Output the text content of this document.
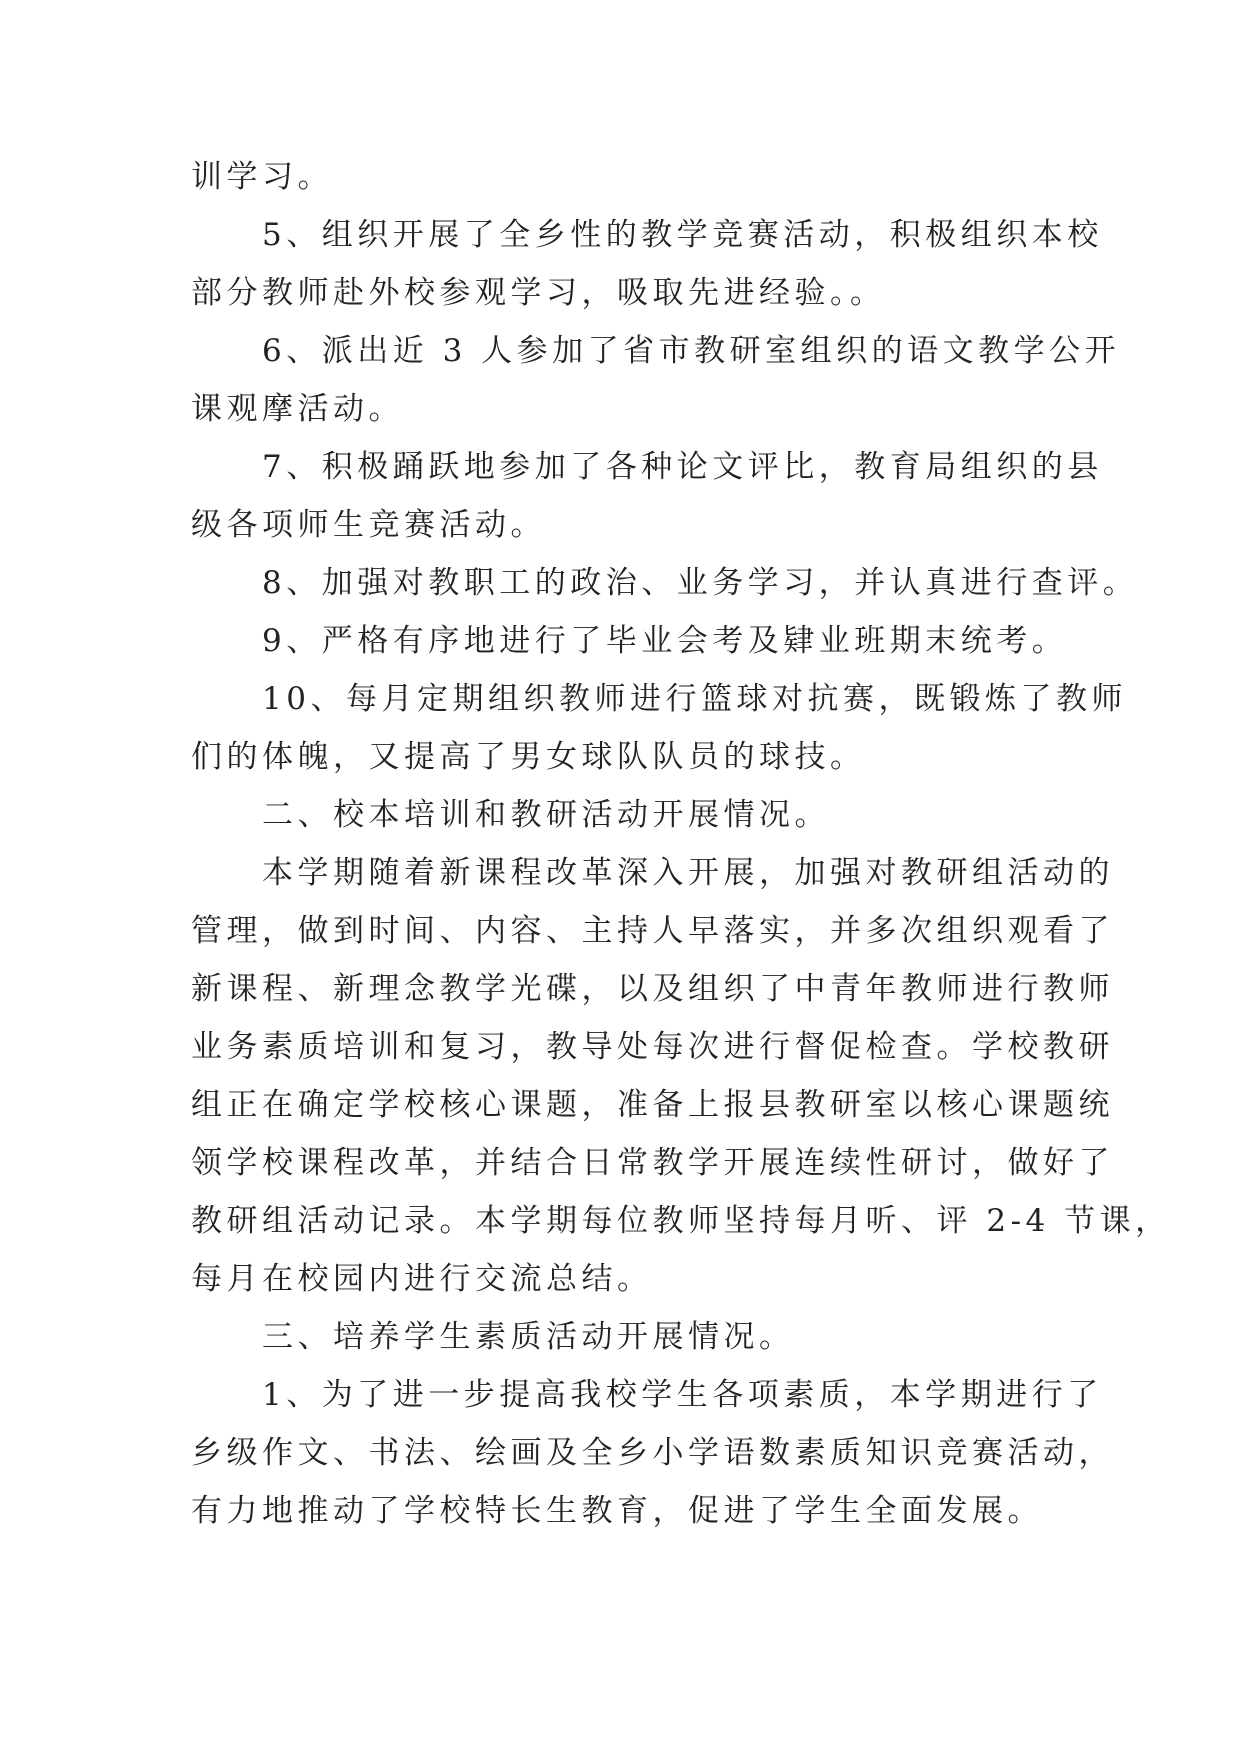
训学习。
　　5、组织开展了全乡性的教学竞赛活动，积极组织本校
部分教师赴外校参观学习，吸取先进经验。。
　　6、派出近 3 人参加了省市教研室组织的语文教学公开
课观摩活动。
　　7、积极踊跃地参加了各种论文评比，教育局组织的县
级各项师生竞赛活动。
　　8、加强对教职工的政治、业务学习，并认真进行查评。
　　9、严格有序地进行了毕业会考及肄业班期末统考。
　　10、每月定期组织教师进行篮球对抗赛，既锻炼了教师
们的体魄，又提高了男女球队队员的球技。
　　二、校本培训和教研活动开展情况。
　　本学期随着新课程改革深入开展，加强对教研组活动的
管理，做到时间、内容、主持人早落实，并多次组织观看了
新课程、新理念教学光碟，以及组织了中青年教师进行教师
业务素质培训和复习，教导处每次进行督促检查。学校教研
组正在确定学校核心课题，准备上报县教研室以核心课题统
领学校课程改革，并结合日常教学开展连续性研讨，做好了
教研组活动记录。本学期每位教师坚持每月听、评 2-4 节课，
每月在校园内进行交流总结。
　　三、培养学生素质活动开展情况。
　　1、为了进一步提高我校学生各项素质，本学期进行了
乡级作文、书法、绘画及全乡小学语数素质知识竞赛活动，
有力地推动了学校特长生教育，促进了学生全面发展。
